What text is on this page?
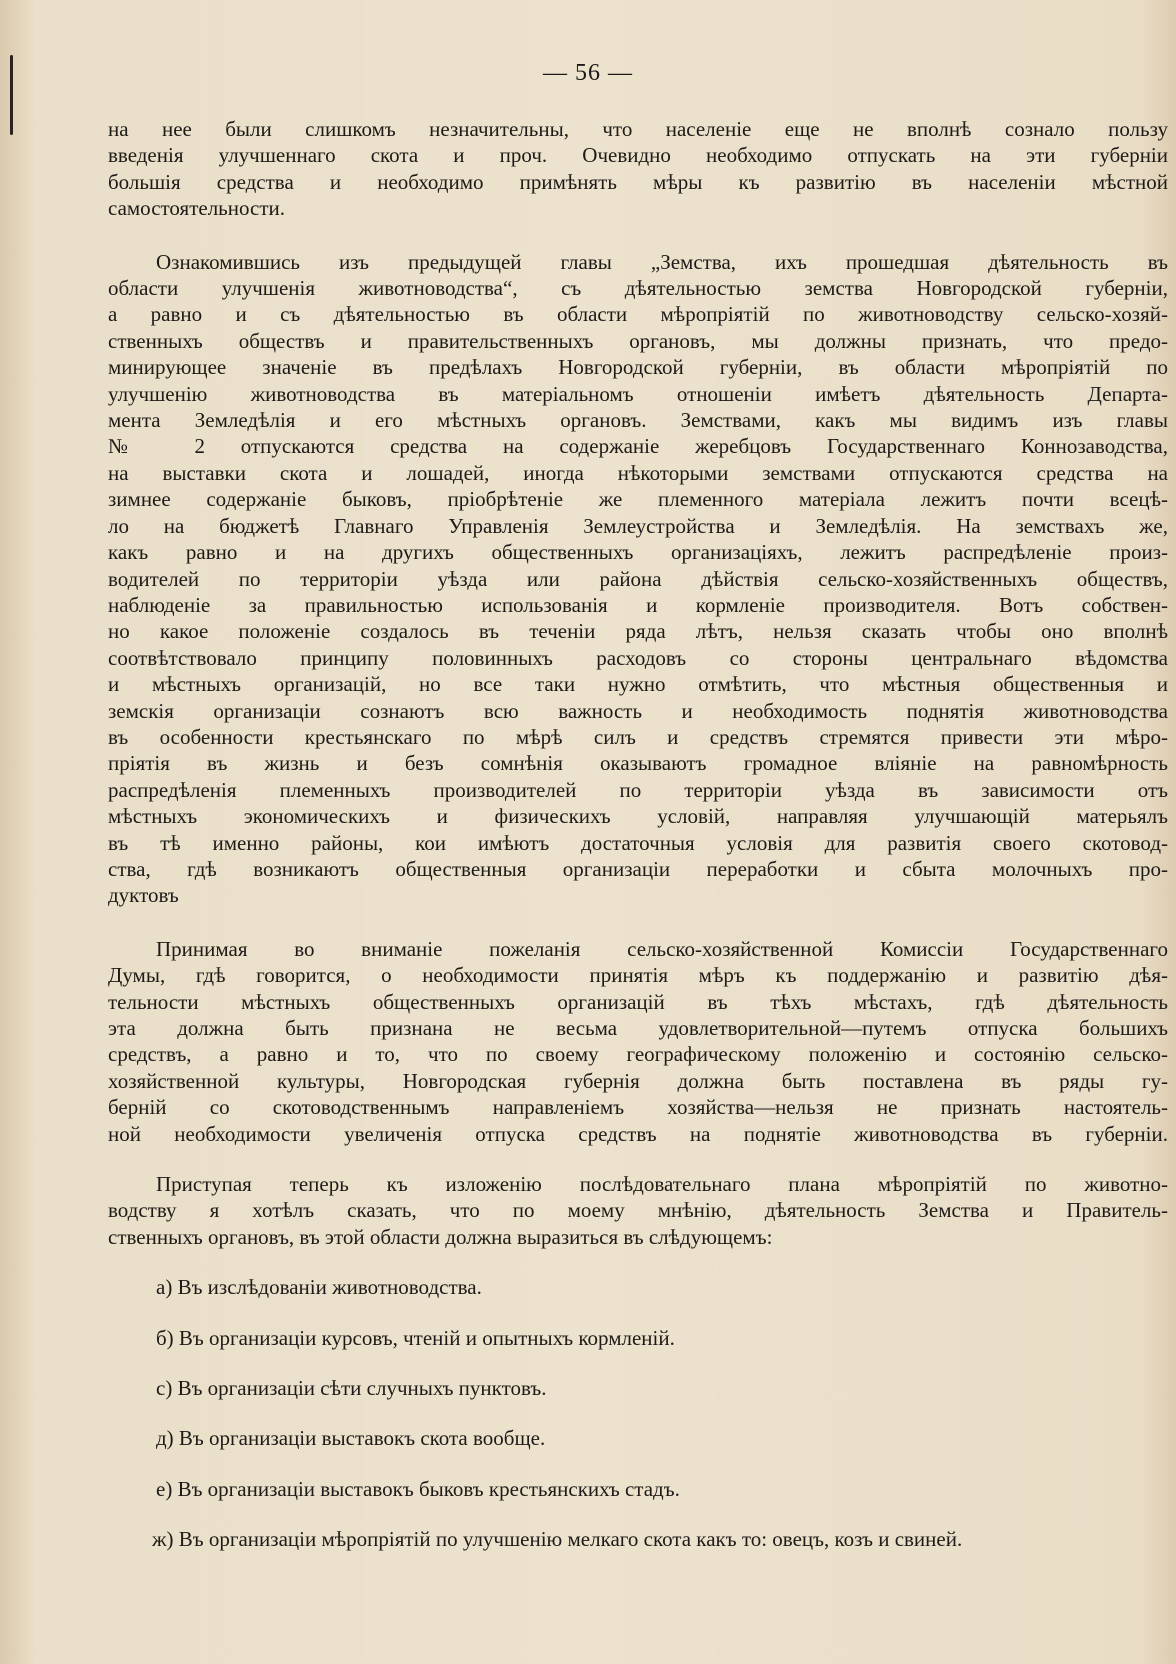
— 56 —
на нее были слишкомъ незначительны, что населеніе еще не вполнѣ сознало пользу
введенія улучшеннаго скота и проч. Очевидно необходимо отпускать на эти губерніи
большія средства и необходимо примѣнять мѣры къ развитію въ населеніи мѣстной
самостоятельности.
Ознакомившись изъ предыдущей главы „Земства, ихъ прошедшая дѣятельность въ
области улучшенія животноводства“, съ дѣятельностью земства Новгородской губерніи,
а равно и съ дѣятельностью въ области мѣропріятій по животноводству сельско-хозяй-
ственныхъ обществъ и правительственныхъ органовъ, мы должны признать, что предо-
минирующее значеніе въ предѣлахъ Новгородской губерніи, въ области мѣропріятій по
улучшенію животноводства въ матеріальномъ отношеніи имѣетъ дѣятельность Департа-
мента Земледѣлія и его мѣстныхъ органовъ. Земствами, какъ мы видимъ изъ главы
№ 2 отпускаются средства на содержаніе жеребцовъ Государственнаго Коннозаводства,
на выставки скота и лошадей, иногда нѣкоторыми земствами отпускаются средства на
зимнее содержаніе быковъ, пріобрѣтеніе же племенного матеріала лежитъ почти всецѣ-
ло на бюджетѣ Главнаго Управленія Землеустройства и Земледѣлія. На земствахъ же,
какъ равно и на другихъ общественныхъ организаціяхъ, лежитъ распредѣленіе произ-
водителей по территоріи уѣзда или района дѣйствія сельско-хозяйственныхъ обществъ,
наблюденіе за правильностью использованія и кормленіе производителя. Вотъ собствен-
но какое положеніе создалось въ теченіи ряда лѣтъ, нельзя сказать чтобы оно вполнѣ
соотвѣтствовало принципу половинныхъ расходовъ со стороны центральнаго вѣдомства
и мѣстныхъ организацій, но все таки нужно отмѣтить, что мѣстныя общественныя и
земскія организаціи сознаютъ всю важность и необходимость поднятія животноводства
въ особенности крестьянскаго по мѣрѣ силъ и средствъ стремятся привести эти мѣро-
пріятія въ жизнь и безъ сомнѣнія оказываютъ громадное вліяніе на равномѣрность
распредѣленія племенныхъ производителей по территоріи уѣзда въ зависимости отъ
мѣстныхъ экономическихъ и физическихъ условій, направляя улучшающій матерьялъ
въ тѣ именно районы, кои имѣютъ достаточныя условія для развитія своего скотовод-
ства, гдѣ возникаютъ общественныя организаціи переработки и сбыта молочныхъ про-
дуктовъ
Принимая во вниманіе пожеланія сельско-хозяйственной Комиссіи Государственнаго
Думы, гдѣ говорится, о необходимости принятія мѣръ къ поддержанію и развитію дѣя-
тельности мѣстныхъ общественныхъ организацій въ тѣхъ мѣстахъ, гдѣ дѣятельность
эта должна быть признана не весьма удовлетворительной—путемъ отпуска большихъ
средствъ, а равно и то, что по своему географическому положенію и состоянію сельско-
хозяйственной культуры, Новгородская губернія должна быть поставлена въ ряды гу-
берній со скотоводственнымъ направленіемъ хозяйства—нельзя не признать настоятель-
ной необходимости увеличенія отпуска средствъ на поднятіе животноводства въ губерніи.
Приступая теперь къ изложенію послѣдовательнаго плана мѣропріятій по животно-
водству я хотѣлъ сказать, что по моему мнѣнію, дѣятельность Земства и Правитель-
ственныхъ органовъ, въ этой области должна выразиться въ слѣдующемъ:
а) Въ изслѣдованіи животноводства.
б) Въ организаціи курсовъ, чтеній и опытныхъ кормленій.
с) Въ организаціи сѣти случныхъ пунктовъ.
д) Въ организаціи выставокъ скота вообще.
е) Въ организаціи выставокъ быковъ крестьянскихъ стадъ.
ж) Въ организаціи мѣропріятій по улучшенію мелкаго скота какъ то: овецъ, козъ и свиней.
